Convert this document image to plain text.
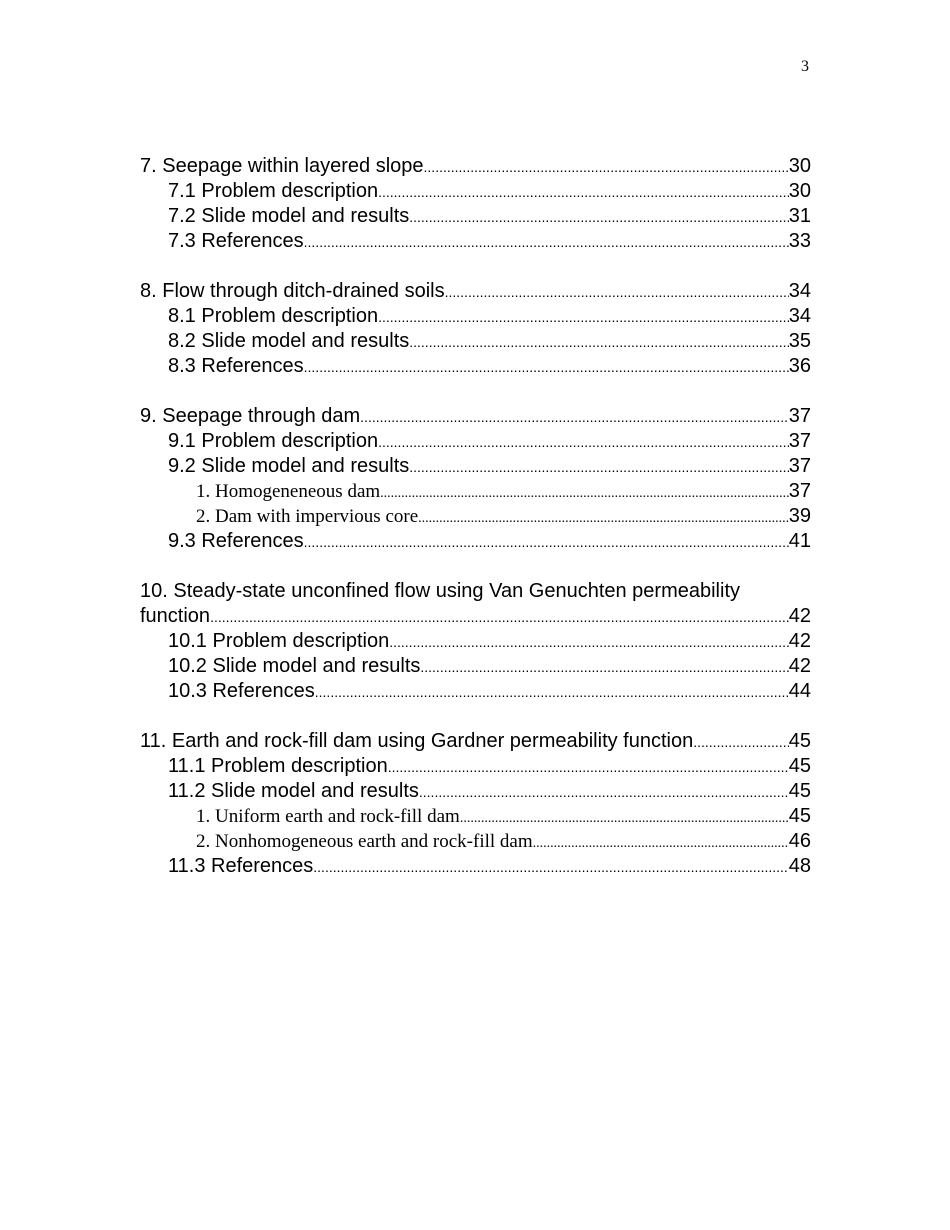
3
7. Seepage within layered slope .....	30
7.1 Problem description .....	30
7.2 Slide model and results .....	31
7.3 References .....	33
8. Flow through ditch-drained soils .....	34
8.1 Problem description .....	34
8.2 Slide model and results .....	35
8.3 References .....	36
9. Seepage through dam .....	37
9.1 Problem description .....	37
9.2 Slide model and results .....	37
1. Homogeneneous dam .....	37
2. Dam with impervious core .....	39
9.3 References .....	41
10. Steady-state unconfined flow using Van Genuchten permeability
function .....	42
10.1 Problem description .....	42
10.2 Slide model and results .....	42
10.3 References .....	44
11. Earth and rock-fill dam using Gardner permeability function .....	45
11.1 Problem description .....	45
11.2 Slide model and results .....	45
1. Uniform earth and rock-fill dam .....	45
2. Nonhomogeneous earth and rock-fill dam .....	46
11.3 References .....	48
